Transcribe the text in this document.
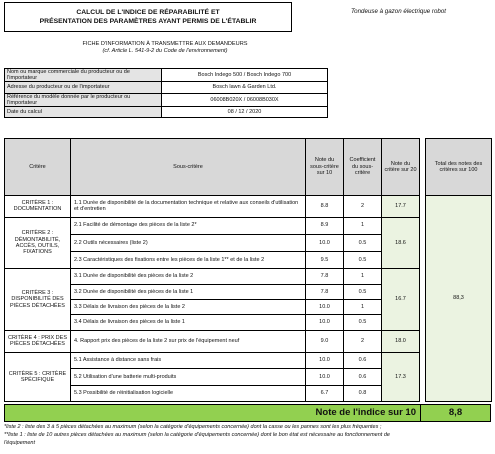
CALCUL DE L'INDICE DE RÉPARABILITÉ ET
PRÉSENTATION DES PARAMÈTRES AYANT PERMIS DE L'ÉTABLIR
Tondeuse à gazon électrique robot
FICHE D'INFORMATION À TRANSMETTRE AUX DEMANDEURS
(cf. Article L. 541-9-2 du Code de l'environnement)
Nom ou marque commerciale du producteur ou de l'importateur	Bosch Indego 500 / Bosch Indego 700
Adresse du producteur ou de l'importateur	Bosch lawn & Garden Ltd.
Référence du modèle donnée par le producteur ou l'importateur	06008B020X / 06008B030X
Date du calcul	08 / 12 / 2020
Critère	Sous-critère	Note du sous-critère sur 10	Coefficient du sous-critère	Note du critère sur 20		Total des notes des critères sur 100
CRITÈRE 1 : DOCUMENTATION	1.1 Durée de disponibilité de la documentation technique et relative aux conseils d'utilisation et d'entretien	8.8	2	17.7		88,3
CRITÈRE 2 : DÉMONTABILITÉ, ACCÈS, OUTILS, FIXATIONS	2.1 Facilité de démontage des pièces de la liste 2*	8.9	1	18.6		
	2.2 Outils nécessaires (liste 2)	10.0	0.5			
	2.3 Caractéristiques des fixations entre les pièces de la liste 1** et de la liste 2	9.5	0.5			
CRITÈRE 3 : DISPONIBILITÉ DES PIÈCES DÉTACHÉES	3.1 Durée de disponibilité des pièces de la liste 2	7.8	1	16.7		
	3.2 Durée de disponibilité des pièces de la liste 1	7.8	0.5			
	3.3 Délais de livraison des pièces de la liste 2	10.0	1			
	3.4 Délais de livraison des pièces de la liste 1	10.0	0.5			
CRITÈRE 4 : PRIX DES PIÈCES DÉTACHÉES	4. Rapport prix des pièces de la liste 2 sur prix de l'équipement neuf	9.0	2	18.0		
CRITÈRE 5 : CRITÈRE SPÉCIFIQUE	5.1 Assistance à distance sans frais	10.0	0.6	17.3		
	5.2 Utilisation d'une batterie multi-produits	10.0	0.6			
	5.3 Possibilité de réinitialisation logicielle	6.7	0.8			

Note de l'indice sur 10	8,8
*liste 2 : liste des 3 à 5 pièces détachées au maximum (selon la catégorie d'équipements concernée) dont la casse ou les pannes sont les plus fréquentes ;
**liste 1 : liste de 10 autres pièces détachées au maximum (selon la catégorie d'équipements concernée) dont le bon état est nécessaire au fonctionnement de
l'équipement
